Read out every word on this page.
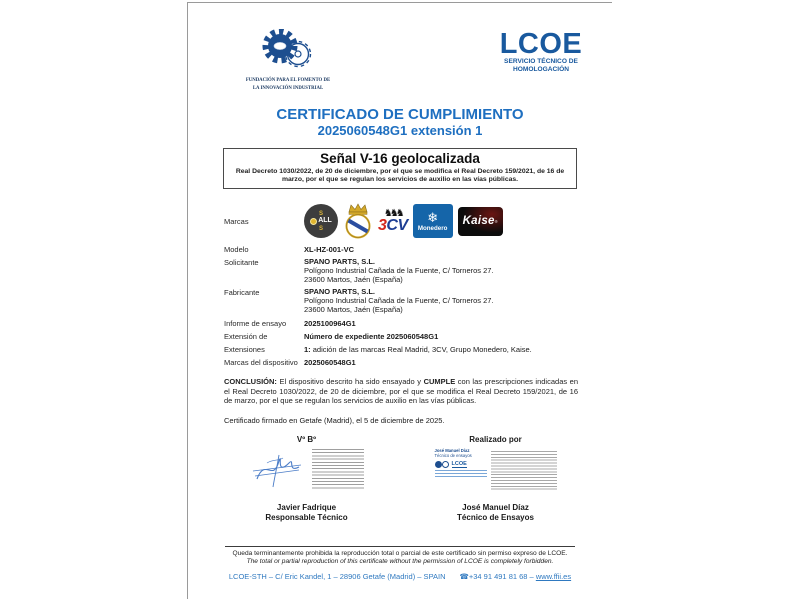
FUNDACIÓN PARA EL FOMENTO DE
LA INNOVACIÓN INDUSTRIAL
LCOE
SERVICIO TÉCNICO DE
HOMOLOGACIÓN
CERTIFICADO DE CUMPLIMIENTO
2025060548G1 extensión 1
Señal V-16 geolocalizada
Real Decreto 1030/2022, de 20 de diciembre, por el que se modifica el Real Decreto 159/2021, de 16 de marzo, por el que se regulan los servicios de auxilio en las vías públicas.
Marcas
S
ALL
S
♞♞♞
3CV ❄
Monedero
Kaise ®
Modelo	XL-HZ-001-VC
Solicitante	SPANO PARTS, S.L.
Polígono Industrial Cañada de la Fuente, C/ Torneros 27.
23600 Martos, Jaén (España)
Fabricante	SPANO PARTS, S.L.
Polígono Industrial Cañada de la Fuente, C/ Torneros 27.
23600 Martos, Jaén (España)
Informe de ensayo	2025100964G1
Extensión de	Número de expediente 2025060548G1
Extensiones	1: adición de las marcas Real Madrid, 3CV, Grupo Monedero, Kaise.
Marcas del dispositivo 2025060548G1
CONCLUSIÓN: El dispositivo descrito ha sido ensayado y CUMPLE con las prescripciones indicadas en el Real Decreto 1030/2022, de 20 de diciembre, por el que se modifica el Real Decreto 159/2021, de 16 de marzo, por el que se regulan los servicios de auxilio en las vías públicas.
Certificado firmado en Getafe (Madrid), el 5 de diciembre de 2025.
Vº Bº
Javier Fadrique
Responsable Técnico
Realizado por
José Manuel Díaz
Técnico de ensayos
LCOE
José Manuel Díaz
Técnico de Ensayos
Queda terminantemente prohibida la reproducción total o parcial de este certificado sin permiso expreso de LCOE.
The total or partial reproduction of this certificate without the permission of LCOE is completely forbidden.
LCOE-STH – C/ Eric Kandel, 1 – 28906 Getafe (Madrid) – SPAIN ☎+34 91 491 81 68 – www.ffii.es
